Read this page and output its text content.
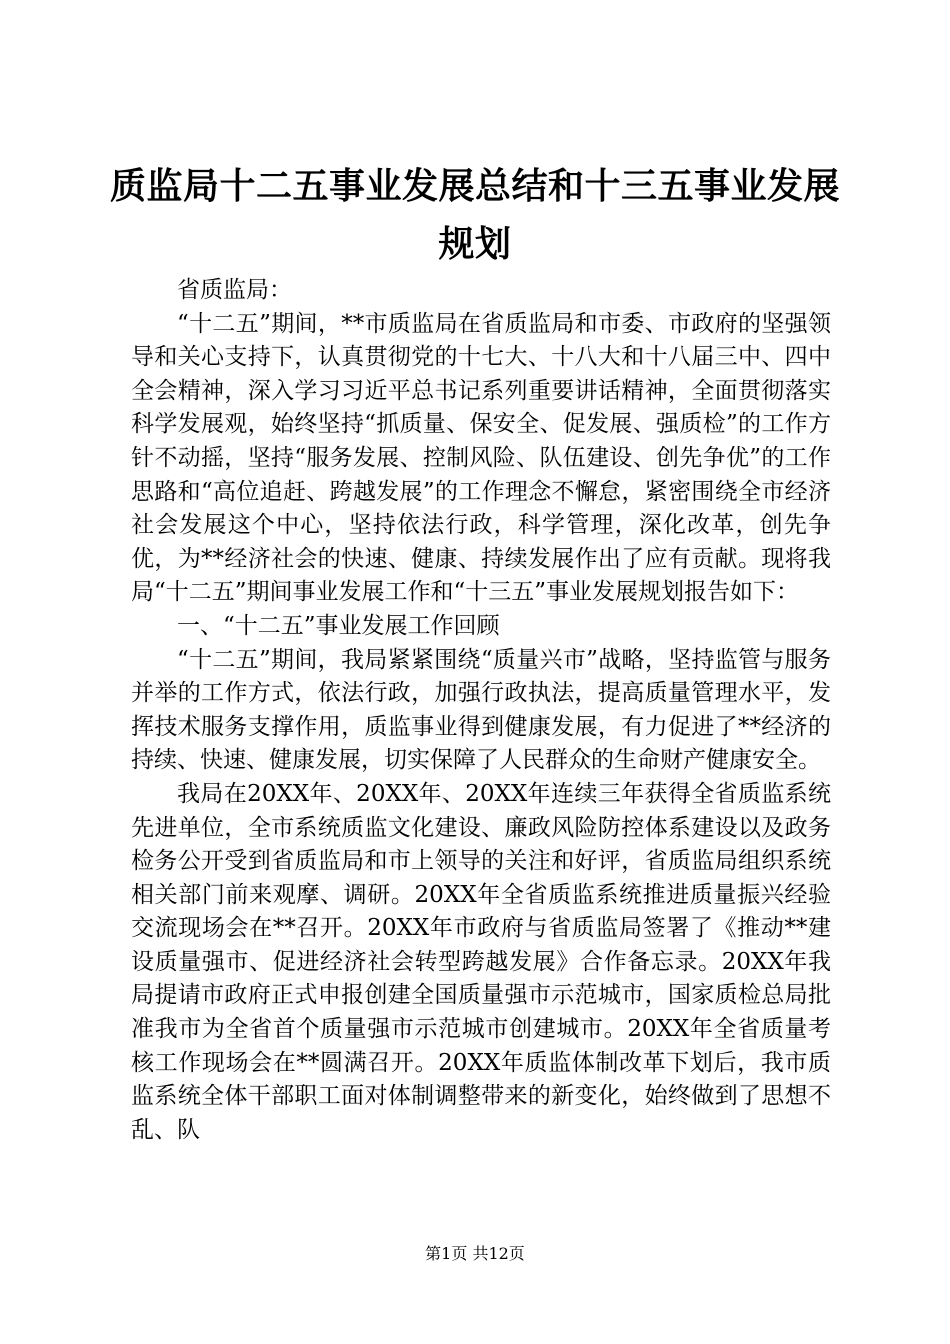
质监局十二五事业发展总结和十三五事业发展规划

省质监局：

“十二五”期间，**市质监局在省质监局和市委、市政府的坚强领导和关心支持下，认真贯彻党的十七大、十八大和十八届三中、四中全会精神，深入学习习近平总书记系列重要讲话精神，全面贯彻落实科学发展观，始终坚持“抓质量、保安全、促发展、强质检”的工作方针不动摇，坚持“服务发展、控制风险、队伍建设、创先争优”的工作思路和“高位追赶、跨越发展”的工作理念不懈怠，紧密围绕全市经济社会发展这个中心，坚持依法行政，科学管理，深化改革，创先争优，为**经济社会的快速、健康、持续发展作出了应有贡献。现将我局“十二五”期间事业发展工作和“十三五”事业发展规划报告如下：

一、“十二五”事业发展工作回顾

“十二五”期间，我局紧紧围绕“质量兴市”战略，坚持监管与服务并举的工作方式，依法行政，加强行政执法，提高质量管理水平，发挥技术服务支撑作用，质监事业得到健康发展，有力促进了**经济的持续、快速、健康发展，切实保障了人民群众的生命财产健康安全。

我局在20XX年、20XX年、20XX年连续三年获得全省质监系统先进单位，全市系统质监文化建设、廉政风险防控体系建设以及政务检务公开受到省质监局和市上领导的关注和好评，省质监局组织系统相关部门前来观摩、调研。20XX年全省质监系统推进质量振兴经验交流现场会在**召开。20XX年市政府与省质监局签署了《推动**建设质量强市、促进经济社会转型跨越发展》合作备忘录。20XX年我局提请市政府正式申报创建全国质量强市示范城市，国家质检总局批准我市为全省首个质量强市示范城市创建城市。20XX年全省质量考核工作现场会在**圆满召开。20XX年质监体制改革下划后，我市质监系统全体干部职工面对体制调整带来的新变化，始终做到了思想不乱、队

第1页 共12页
